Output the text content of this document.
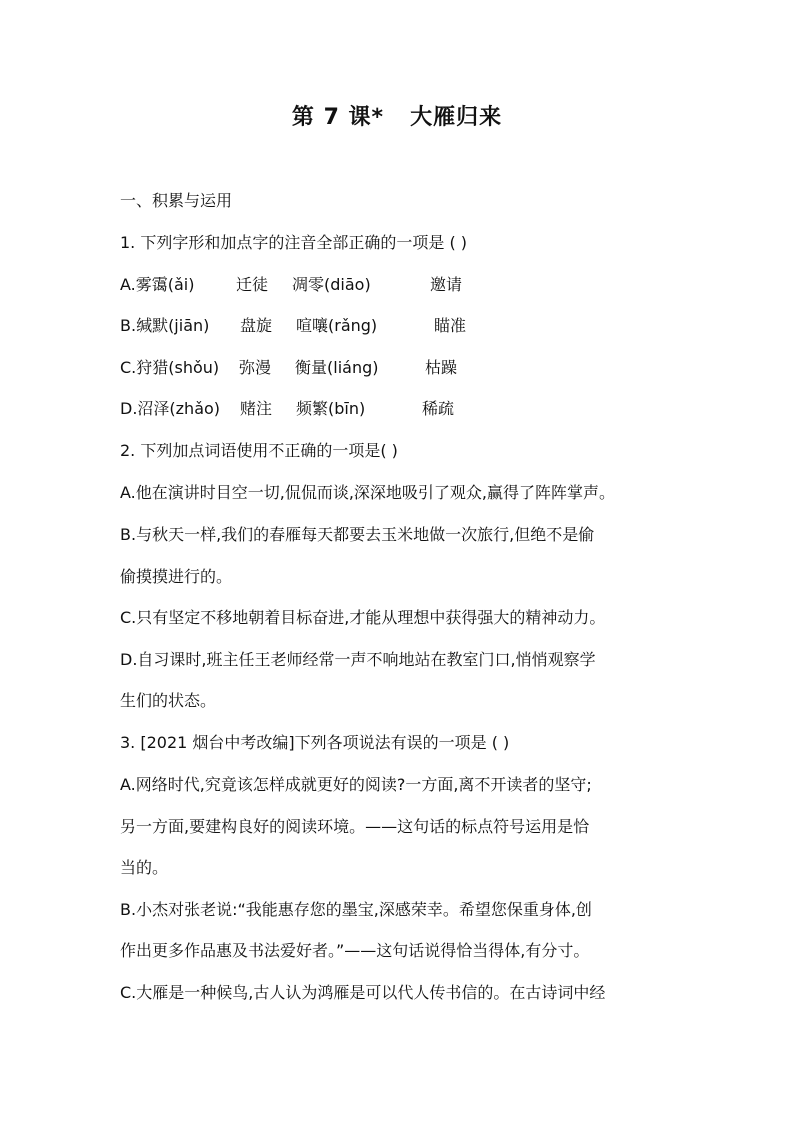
第 7 课* 大雁归来
一、积累与运用
1. 下列字形和加点字的注音全部正确的一项是 ( )
A.雾霭(ǎi)	迁徒 凋零(diāo)	邀请
B.缄默(jiān) 盘旋 喧嚷(rǎng)	瞄准
C.狩猎(shǒu) 弥漫 衡量(liáng)	枯躁
D.沼泽(zhǎo) 赌注 频繁(bīn)	稀疏
2. 下列加点词语使用不正确的一项是( )
A.他在演讲时目空一切,侃侃而谈,深深地吸引了观众,赢得了阵阵掌声。
B.与秋天一样,我们的春雁每天都要去玉米地做一次旅行,但绝不是偷
偷摸摸进行的。
C.只有坚定不移地朝着目标奋进,才能从理想中获得强大的精神动力。
D.自习课时,班主任王老师经常一声不响地站在教室门口,悄悄观察学
生们的状态。
3. [2021 烟台中考改编]下列各项说法有误的一项是 ( )
A.网络时代,究竟该怎样成就更好的阅读?一方面,离不开读者的坚守;
另一方面,要建构良好的阅读环境。——这句话的标点符号运用是恰
当的。
B.小杰对张老说:“我能惠存您的墨宝,深感荣幸。希望您保重身体,创
作出更多作品惠及书法爱好者。”——这句话说得恰当得体,有分寸。
C.大雁是一种候鸟,古人认为鸿雁是可以代人传书信的。在古诗词中经
